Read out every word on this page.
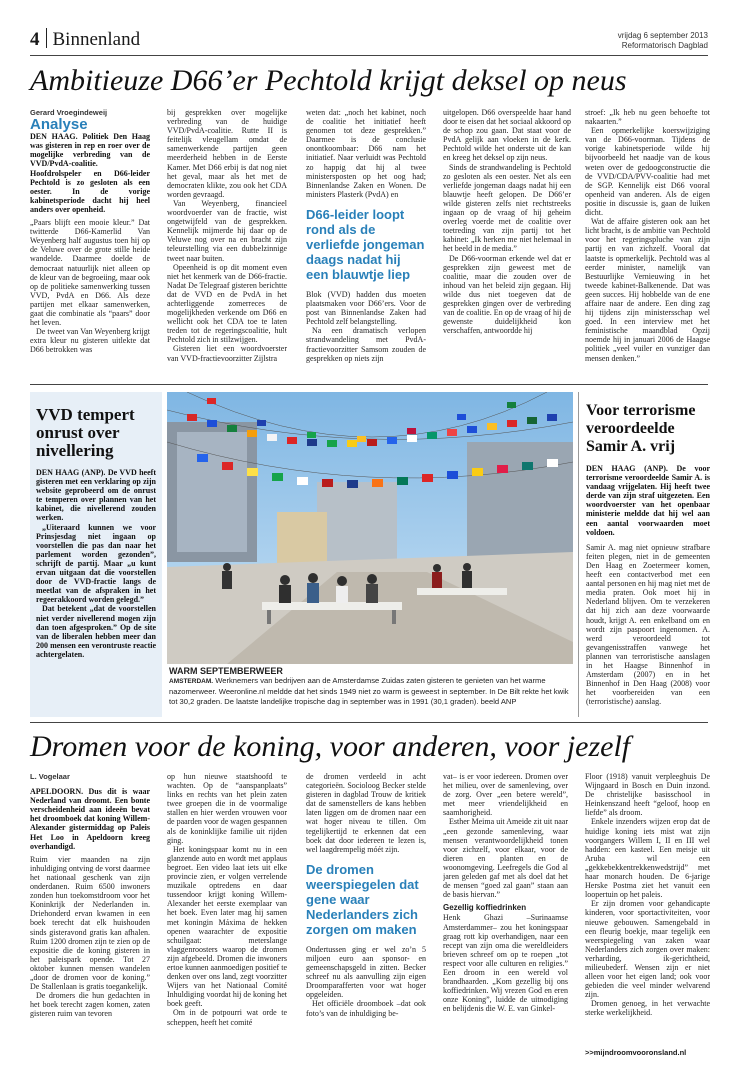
4 Binnenland	vrijdag 6 september 2013
Reformatorisch Dagblad
Ambitieuze D66’er Pechtold krijgt deksel op neus
Gerard Vroegindeweij
Analyse

DEN HAAG. Politiek Den Haag was gisteren in rep en roer over de mogelijke verbreding van de VVD/PvdA-coalitie. Hoofdrolspeler en D66-leider Pechtold is zo gesloten als een oester. In de vorige kabinetsperiode dacht hij heel anders over openheid.

„Paars blijft een mooie kleur.” Dat twitterde D66-Kamerlid Van Weyenberg half augustus toen hij op de Veluwe over de grote stille heide wandelde. Daarmee doelde de democraat natuurlijk niet alleen op de kleur van de begroeiing, maar ook op de politieke samenwerking tussen VVD, PvdA en D66. Als deze partijen met elkaar samenwerken, gaat die combinatie als “paars” door het leven.

De tweet van Van Weyenberg krijgt extra kleur nu gisteren uitlekte dat D66 betrokken was

bij gesprekken over mogelijke verbreding van de huidige VVD/PvdA-coalitie. Rutte II is feitelijk vleugellam omdat de samenwerkende partijen geen meerderheid hebben in de Eerste Kamer. Met D66 erbij is dat nog niet het geval, maar als het met de democraten klikte, zou ook het CDA worden gevraagd.

Van Weyenberg, financieel woordvoerder van de fractie, wist ongetwijfeld van de gesprekken. Kennelijk mijmerde hij daar op de Veluwe nog over na en bracht zijn teleurstelling via een dubbelzinnige tweet naar buiten.

Opeenheid is op dit moment even niet het kenmerk van de D66-fractie. Nadat De Telegraaf gisteren berichtte dat de VVD en de PvdA in het achterliggende zomerreces de mogelijkheden verkende om D66 en wellicht ook het CDA toe te laten treden tot de regeringscoalitie, hult Pechtold zich in stilzwijgen.

Gisteren liet een woordvoerster van VVD-fractievoorzitter Zijlstra

weten dat: „noch het kabinet, noch de coalitie het initiatief heeft genomen tot deze gesprekken.” Daarmee is de conclusie onontkoombaar: D66 nam het initiatief. Naar verluidt was Pechtold zo happig dat hij al twee ministersposten op het oog had; Binnenlandse Zaken en Wonen. De ministers Plasterk (PvdA) en

D66-leider loopt rond als de verliefde jongeman daags nadat hij een blauwtje liep

Blok (VVD) hadden dus moeten plaatsmaken voor D66’ers. Voor de post van Binnenlandse Zaken had Pechtold zelf belangstelling.

Na een dramatisch verlopen strandwandeling met PvdA-fractievoorzitter Samsom zouden de gesprekken op niets zijn

uitgelopen. D66 overspeelde haar hand door te eisen dat het sociaal akkoord op de schop zou gaan. Dat staat voor de PvdA gelijk aan vloeken in de kerk. Pechtold wilde het onderste uit de kan en kreeg het deksel op zijn neus.

Sinds de strandwandeling is Pechtold zo gesloten als een oester. Net als een verliefde jongeman daags nadat hij een blauwtje heeft gelopen. De D66’er wilde gisteren zelfs niet rechtstreeks ingaan op de vraag of hij geheim overleg voerde met de coalitie over toetreding van zijn partij tot het kabinet: „Ik herken me niet helemaal in het beeld in de media.”

De D66-voorman erkende wel dat er gesprekken zijn geweest met de coalitie, maar die zouden over de inhoud van het beleid zijn gegaan. Hij wilde dus niet toegeven dat de gesprekken gingen over de verbreding van de coalitie. En op de vraag of hij de gewenste duidelijkheid kon verschaffen, antwoordde hij

stroef: „Ik heb nu geen behoefte tot nakaarten.”

Een opmerkelijke koerswijziging van de D66-voorman. Tijdens de vorige kabinetsperiode wilde hij bijvoorbeeld het naadje van de kous weten over de gedoogconstructie die de VVD/CDA/PVV-coalitie had met de SGP. Kennelijk eist D66 vooral openheid van anderen. Als de eigen positie in discussie is, gaan de luiken dicht.

Wat de affaire gisteren ook aan het licht bracht, is de ambitie van Pechtold voor het regeringspluche van zijn partij en van zichzelf. Vooral dat laatste is opmerkelijk. Pechtold was al eerder minister, namelijk van Bestuurlijke Vernieuwing in het tweede kabinet-Balkenende. Dat was geen succes. Hij hobbelde van de ene affaire naar de andere. Een ding zag hij tijdens zijn ministersschap wel goed. In een interview met het feministische maandblad Opzij noemde hij in januari 2006 de Haagse politiek „veel vuiler en vunziger dan mensen denken.”

VVD tempert onrust over nivellering

DEN HAAG (ANP). De VVD heeft gisteren met een verklaring op zijn website geprobeerd om de onrust te temperen over plannen van het kabinet, die nivellerend zouden werken.

„Uiteraard kunnen we voor Prinsjesdag niet ingaan op voorstellen die pas dan naar het parlement worden gezonden”, schrijft de partij. Maar „u kunt ervan uitgaan dat die voorstellen door de VVD-fractie langs de meetlat van de afspraken in het regeerakkoord worden gelegd.”

Dat betekent „dat de voorstellen niet verder nivellerend mogen zijn dan toen afgesproken.” Op de site van de liberalen hebben meer dan 200 mensen een verontruste reactie achtergelaten.

WARM SEPTEMBERWEER
AMSTERDAM. Werknemers van bedrijven aan de Amsterdamse Zuidas zaten gisteren te genieten van het warme nazomerweer. Weeronline.nl meldde dat het sinds 1949 niet zo warm is geweest in september. In De Bilt rekte het kwik tot 30,2 graden. De laatste landelijke tropische dag in september was in 1991 (30,1 graden). beeld ANP
Voor terrorisme veroordeelde Samir A. vrij

DEN HAAG (ANP). De voor terrorisme veroordeelde Samir A. is vandaag vrijgelaten. Hij heeft twee derde van zijn straf uitgezeten. Een woordvoerster van het openbaar ministerie meldde dat hij wel aan een aantal voorwaarden moet voldoen.

Samir A. mag niet opnieuw strafbare feiten plegen, niet in de gemeenten Den Haag en Zoetermeer komen, heeft een contactverbod met een aantal personen en hij mag niet met de media praten. Ook moet hij in Nederland blijven. Om te verzekeren dat hij zich aan deze voorwaarde houdt, krijgt A. een enkelband om en wordt zijn paspoort ingenomen. A. werd veroordeeld tot gevangenisstraffen vanwege het plannen van terroristische aanslagen in het Haagse Binnenhof in Amsterdam (2007) en in het Binnenhof in Den Haag (2008) voor het voorbereiden van een (terroristische) aanslag.

Dromen voor de koning, voor anderen, voor jezelf
L. Vogelaar

APELDOORN. Dus dit is waar Nederland van droomt. Een bonte verscheidenheid aan ideeën bevat het droomboek dat koning Willem-Alexander gistermiddag op Paleis Het Loo in Apeldoorn kreeg overhandigd.

Ruim vier maanden na zijn inhuldiging ontving de vorst daarmee het nationaal geschenk van zijn onderdanen. Ruim 6500 inwoners zonden hun toekomstdroom voor het Koninkrijk der Nederlanden in. Driehonderd ervan kwamen in een boek terecht dat elk huishouden sinds gisteravond gratis kan afhalen. Ruim 1200 dromen zijn te zien op de expositie die de koning gisteren in het paleispark opende. Tot 27 oktober kunnen mensen wandelen „door de dromen voor de koning.” De Stallenlaan is gratis toegankelijk.

De dromers die hun gedachten in het boek terecht zagen komen, zaten gisteren ruim van tevoren

op hun nieuwe staatshoofd te wachten. Op de “aanspanplaats” links en rechts van het plein zaten twee groepen die in de voormalige stallen en hier werden vrouwen voor de paarden voor de wagen gespannen als de koninklijke familie uit rijden ging.

Het koningspaar komt nu in een glanzende auto en wordt met applaus begroet. Een video laat iets uit elke provincie zien, er volgen verrelende muzikale optredens en daar tussendoor krijgt koning Willem-Alexander het eerste exemplaar van het boek. Even later mag hij samen met koningin Máxima de hekken openen waarachter de expositie schuilgaat: meterslange vlaggenroosters waarop de dromen zijn afgebeeld. Dromen die inwoners ertoe kunnen aanmoedigen positief te denken over ons land, zegt voorzitter Wijers van het Nationaal Comité Inhuldiging voordat hij de koning het boek geeft.

Om in de potpourri wat orde te scheppen, heeft het comité

de dromen verdeeld in acht categorieën. Socioloog Becker stelde gisteren in dagblad Trouw de kritiek dat de samenstellers de kans hebben laten liggen om de dromen naar een wat hoger niveau te tillen. Om tegelijkertijd te erkennen dat een boek dat door iedereen te lezen is, wel laagdrempelig móét zijn.

De dromen weerspiegelen dat gene waar Nederlanders zich zorgen om maken

Ondertussen ging er wel zo’n 5 miljoen euro aan sponsor- en gemeenschapsgeld in zitten. Becker schreef nu als aanvulling zijn eigen Droomparafferten voor wat hoger opgeleiden.

Het officiële droomboek –dat ook foto’s van de inhuldiging be-

vat– is er voor iedereen. Dromen over het milieu, over de samenleving, over de zorg. Over „een betere wereld”, met meer vriendelijkheid en saamhorigheid.

Esther Meima uit Ameide zit uit naar „een gezonde samenleving, waar mensen verantwoordelijkheid tonen voor zichzelf, voor elkaar, voor de dieren en planten en de woonomgeving. Leefregels die God al jaren geleden gaf met als doel dat het de mensen “goed zal gaan” staan aan de basis hiervan.”

Gezellig koffiedrinken

Henk Ghazi –Surinaamse Amsterdammer– zou het koningspaar graag rott kip overhandigen, naar een recept van zijn oma die wereldleiders brieven schreef om op te roepen „tot respect voor alle culturen en religies.” Een droom in een wereld vol brandhaarden. „Kom gezellig bij ons koffiedrinken. Wij vrezen God en eren onze Koning”, luidde de uitnodiging en belijdenis die W. E. van Ginkel-

Floor (1918) vanuit verpleeghuis De Wijngaard in Bosch en Duin inzond. De christelijke basisschool in Heinkenszand heeft “geloof, hoop en liefde” als droom.

Enkele inzenders wijzen erop dat de huidige koning iets mist wat zijn voorgangers Willem I, II en III wel hadden: een kasteel. Een meisje uit Aruba wil een „gekkebekkentrekkenwedstrijd” met haar monarch houden. De 6-jarige Herske Postma ziet het vanuit een loopertuin op het paleis.

Er zijn dromen voor gehandicapte kinderen, voor sportactiviteiten, voor nieuwe gebouwen. Samengebald in een fleurig boekje, maar tegelijk een weerspiegeling van zaken waar Nederlanders zich zorgen over maken: verharding, ik-gerichtheid, milieubederf. Wensen zijn er niet alleen voor het eigen land; ook voor gebieden die veel minder welvarend zijn.

Dromen genoeg, in het verwachte sterke werkelijkheid.

>>mijndroomvooronsland.nl
